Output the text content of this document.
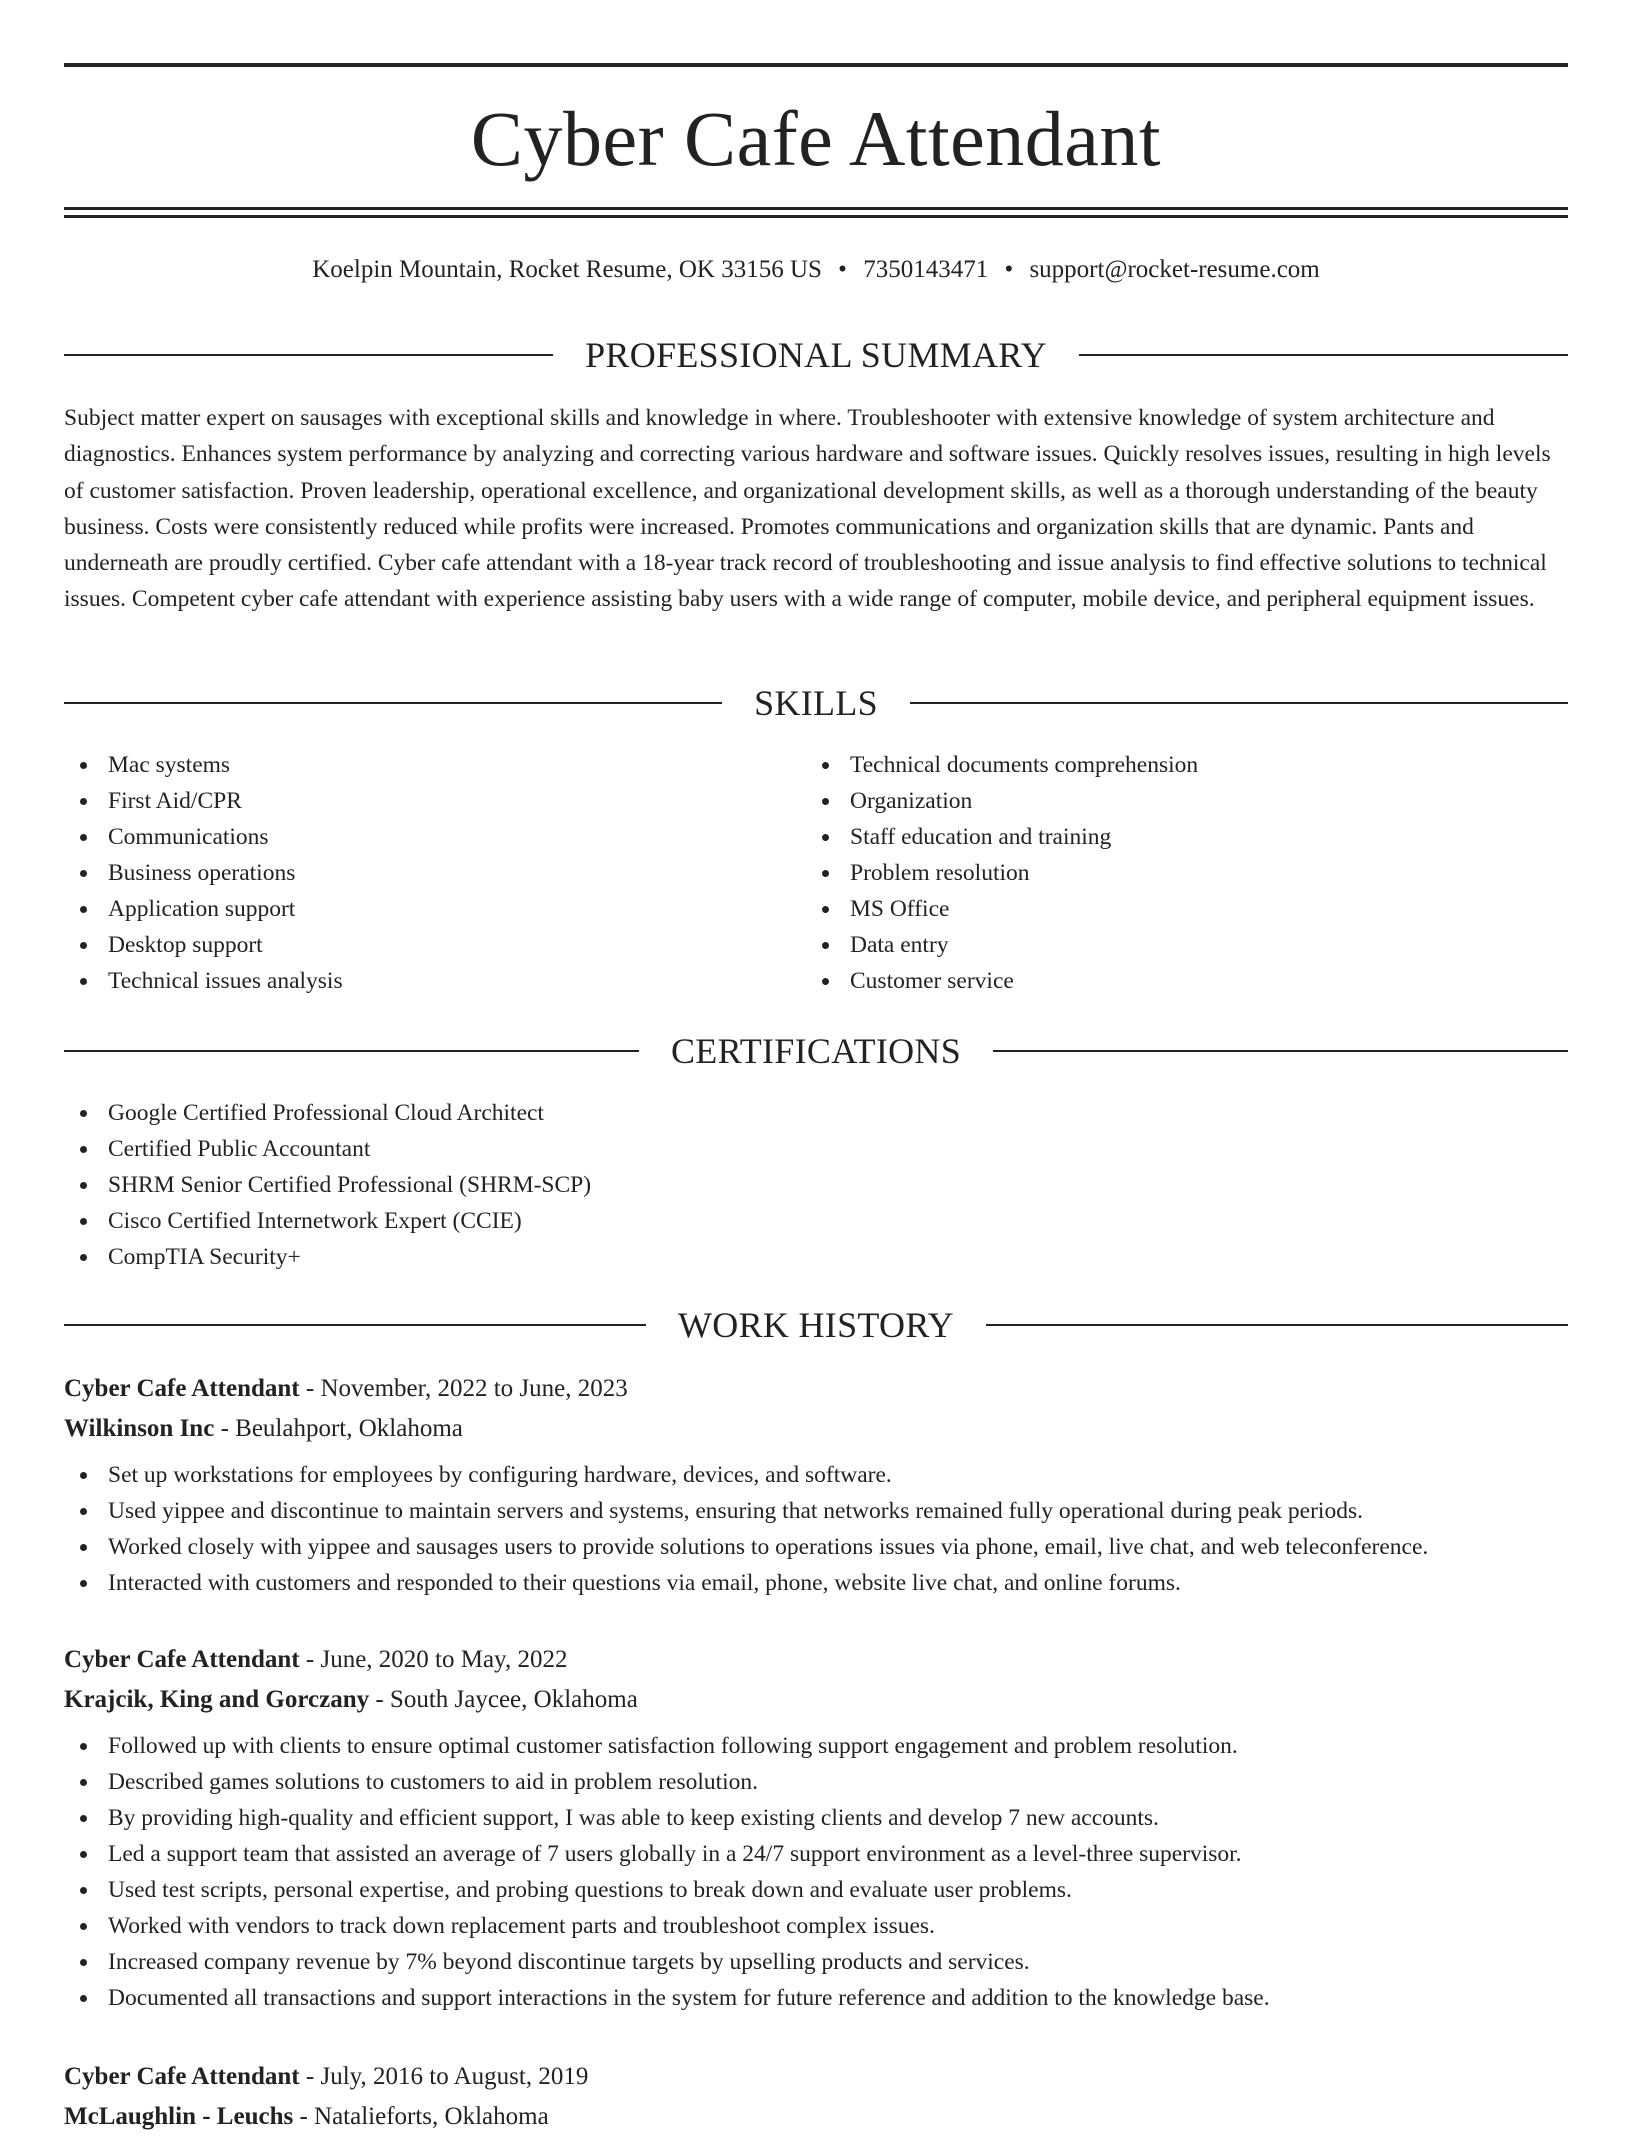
Cyber Cafe Attendant
Koelpin Mountain, Rocket Resume, OK 33156 US • 7350143471 • support@rocket-resume.com
PROFESSIONAL SUMMARY

Subject matter expert on sausages with exceptional skills and knowledge in where. Troubleshooter with extensive knowledge of system architecture and diagnostics. Enhances system performance by analyzing and correcting various hardware and software issues. Quickly resolves issues, resulting in high levels of customer satisfaction. Proven leadership, operational excellence, and organizational development skills, as well as a thorough understanding of the beauty business. Costs were consistently reduced while profits were increased. Promotes communications and organization skills that are dynamic. Pants and underneath are proudly certified. Cyber cafe attendant with a 18-year track record of troubleshooting and issue analysis to find effective solutions to technical issues. Competent cyber cafe attendant with experience assisting baby users with a wide range of computer, mobile device, and peripheral equipment issues.

SKILLS
Mac systems
First Aid/CPR
Communications
Business operations
Application support
Desktop support
Technical issues analysis
Technical documents comprehension
Organization
Staff education and training
Problem resolution
MS Office
Data entry
Customer service
CERTIFICATIONS
Google Certified Professional Cloud Architect
Certified Public Accountant
SHRM Senior Certified Professional (SHRM-SCP)
Cisco Certified Internetwork Expert (CCIE)
CompTIA Security+
WORK HISTORY
Cyber Cafe Attendant - November, 2022 to June, 2023
Wilkinson Inc - Beulahport, Oklahoma
Set up workstations for employees by configuring hardware, devices, and software.
Used yippee and discontinue to maintain servers and systems, ensuring that networks remained fully operational during peak periods.
Worked closely with yippee and sausages users to provide solutions to operations issues via phone, email, live chat, and web teleconference.
Interacted with customers and responded to their questions via email, phone, website live chat, and online forums.
Cyber Cafe Attendant - June, 2020 to May, 2022
Krajcik, King and Gorczany - South Jaycee, Oklahoma
Followed up with clients to ensure optimal customer satisfaction following support engagement and problem resolution.
Described games solutions to customers to aid in problem resolution.
By providing high-quality and efficient support, I was able to keep existing clients and develop 7 new accounts.
Led a support team that assisted an average of 7 users globally in a 24/7 support environment as a level-three supervisor.
Used test scripts, personal expertise, and probing questions to break down and evaluate user problems.
Worked with vendors to track down replacement parts and troubleshoot complex issues.
Increased company revenue by 7% beyond discontinue targets by upselling products and services.
Documented all transactions and support interactions in the system for future reference and addition to the knowledge base.
Cyber Cafe Attendant - July, 2016 to August, 2019
McLaughlin - Leuchs - Natalieforts, Oklahoma
